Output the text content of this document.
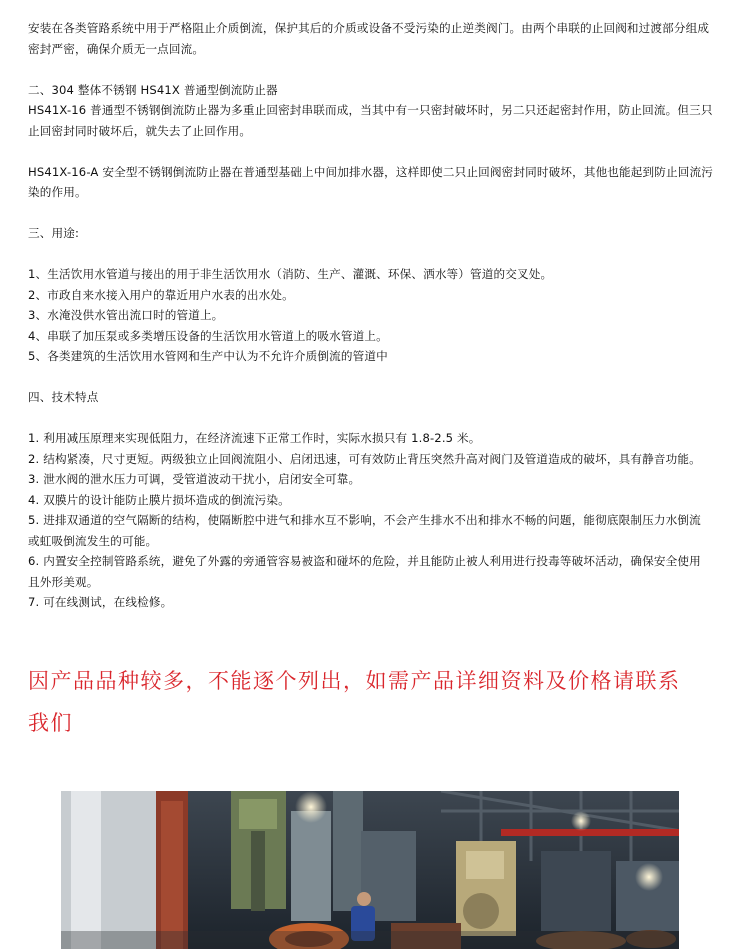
安装在各类管路系统中用于严格阻止介质倒流，保护其后的介质或设备不受污染的止逆类阀门。由两个串联的止回阀和过渡部分组成

密封严密，确保介质无一点回流。

二、304 整体不锈钢 HS41X 普通型倒流防止器

HS41X-16 普通型不锈钢倒流防止器为多重止回密封串联而成，当其中有一只密封破坏时，另二只还起密封作用，防止回流。但三只

止回密封同时破坏后，就失去了止回作用。

HS41X-16-A 安全型不锈钢倒流防止器在普通型基础上中间加排水器，这样即使二只止回阀密封同时破坏，其他也能起到防止回流污

染的作用。

三、用途:

1、生活饮用水管道与接出的用于非生活饮用水（消防、生产、灌溉、环保、洒水等）管道的交叉处。

2、市政自来水接入用户的靠近用户水表的出水处。

3、水淹没供水管出流口时的管道上。

4、串联了加压泵或多类增压设备的生活饮用水管道上的吸水管道上。

5、各类建筑的生活饮用水管网和生产中认为不允许介质倒流的管道中

四、技术特点

1. 利用减压原理来实现低阻力，在经济流速下正常工作时，实际水损只有 1.8-2.5 米。

2. 结构紧凑，尺寸更短。两级独立止回阀流阻小、启闭迅速，可有效防止背压突然升高对阀门及管道造成的破坏，具有静音功能。

3. 泄水阀的泄水压力可调，受管道波动干扰小，启闭安全可靠。

4. 双膜片的设计能防止膜片损坏造成的倒流污染。

5. 进排双通道的空气隔断的结构，使隔断腔中进气和排水互不影响，不会产生排水不出和排水不畅的问题，能彻底限制压力水倒流

或虹吸倒流发生的可能。

6. 内置安全控制管路系统，避免了外露的旁通管容易被盗和碰坏的危险，并且能防止被人利用进行投毒等破坏活动，确保安全使用

且外形美观。

7. 可在线测试，在线检修。

因产品品种较多，不能逐个列出，如需产品详细资料及价格请联系
我们
